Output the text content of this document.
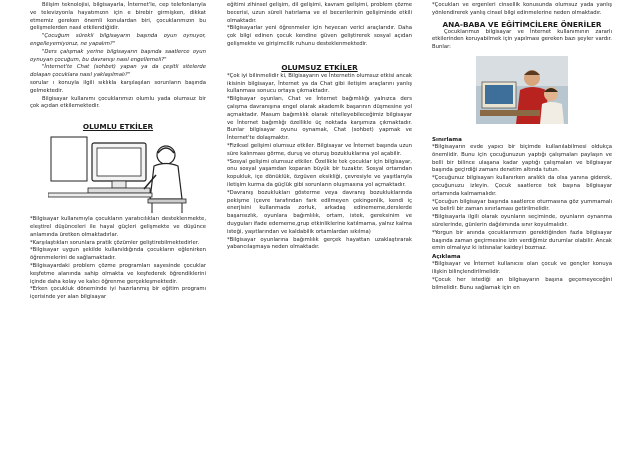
Bilişim teknolojisi, bilgisayarla, İnternet'le, cep telefonlarıyla ve televizyonla hayatımızın için e birebir girmişken, dikkat etmemiz gereken önemli konulardan biri, çocuklarımızın bu gelişmelerden nasıl etkilendiğidir.

"Çocuğum sürekli bilgisayarın başında oyun oynuyor, engelleyemiyoruz, ne yapalım?"

"Ders çalışmak yerine bilgisayarın başında saatlerce oyun oynuyan çocuğum, bu davranışı nasıl engellemeli?"

"İnternet'te Chat (sohbet) yapan ya da çeşitli sitelerde dolaşan çocuklara nasıl yaklaşılmalı?"

sorular ı konuyla ilgili sıklıkla karşılaşılan sorunların başında gelmektedir.

Bilgisayar kullanımı çocuklarımızı olumlu yada olumsuz bir çok açıdan etkilemektedir.

OLUMLU ETKİLER

*Bilgisayar kullanımıyla çocukların yaratıcılıkları desteklenmekte, eleştirel düşünceleri ile hayal güçleri gelişmekte ve düşünce anlamında üretken olmaktadırlar.

*Karşılaştıkları sorunlara pratik çözümler geliştirebilmektedirler.

*Bilgisayar uygun şekilde kullanıldığında çocukların eğlenirken öğrenmelerini de sağlamaktadır.

*Bilgisayardaki problem çözme programları sayesinde çocuklar keşfetme alanında sahip olmakta ve keşfederek öğrendiklerini içinde daha kolay ve kalıcı öğrenme gerçekleşmektedir.

*Erken çocukluk döneminde iyi hazırlanmış bir eğitim programı içerisinde yer alan bilgisayar

eğitimi zihinsel gelişim, dil gelişimi, kavram gelişimi, problem çözme becerisi, uzun süreli hatırlama ve el becerilerinin gelişiminde etkili olmaktadır.

*Bilgisayarlar yeni öğrenmeler için heyecan verici araçlarıdır. Daha çok bilgi edinen çocuk kendine güven geliştirerek sosyal açıdan gelişmekte ve girişimcilik ruhunu desteklenmektedir.

OLUMSUZ ETKİLER

*Çok iyi bilinmelidir ki, Bilgisayarın ve İnternetin olumsuz etkisi ancak ikisinin bilgisayar, İnternet ya da Chat gibi iletişim araçlarını yanlış kullanması sonucu ortaya çıkmaktadır.

*Bilgisayar oyunları, Chat ve İnternet bağımlılığı yalnızca ders çalışma davranışına engel olarak akademik başarının düşmesine yol açmaktadır. Masum bağımlılık olarak nitelleyebileceğimiz bilgisayar ve İnternet bağımlığı özellikle üç noktada karşımıza çıkmaktadır. Bunlar bilgisayar oyunu oynamak, Chat (sohbet) yapmak ve İnternet'te dolaşmaktır.

*Fiziksel gelişimi olumsuz etkiler. Bilgisayar ve İnternet başında uzun süre kalınması görme, duruş ve oturuş bozukluklarına yol açabilir.

*Sosyal gelişimi olumsuz etkiler. Özellikle tek çocuklar için bilgisayar, onu sosyal yaşamdan koparan büyük bir tuzaktır. Sosyal ortamdan kopukluk, içe dönüklük, özgüven eksikliği, çevresiyle ve yaşıtlarıyla iletişim kurma da güçlük gibi sorunların oluşmasına yol açmaktadır.

*Davranış bozuklukları gösterme veya davranış bozukluklarında pekişme (çevre tarafından fark edilmeyen çekingenlik, kendi iç enerjisini kullanmada zorluk, arkadaş edinememe,derslerde başarısızlık, oyunlara bağımlılık, ortam, istek, gereksinim ve duyguları ifade edememe,grup etkinliklerine katılmama, yalnız kalma isteği, yaşıtlarından ve kaldabilik ortamlardan sıkılma)

*Bilgisayar oyunlarına bağımlılık gerçek hayattan uzaklaştırarak yabancılaşmaya neden olmaktadır.

*Çocukları ve ergenleri cinsellik konusunda olumsuz yada yanlış yönlendirerek yanlış cinsel bilgi edinmelerine neden olmaktadır.

ANA-BABA VE EĞİTİMCİLERE ÖNERİLER

Çocuklarımızı bilgisayar ve İnternet kullanımının zararlı etkilerinden koruyabilmek için yapılması gereken bazı şeyler vardır. Bunlar:

Sınırlama

*Bilgisayarın evde yapıcı bir biçimde kullanılabilmesi oldukça önemlidir. Bunu için çocuğunuzun yaptığı çalışmaları paylaşın ve belli bir bilince ulaşana kadar yaptığı çalışmaları ve bilgisayar başında geçirdiği zamanı denetim altında tutun.

*Çocuğunuz bilgisayarı kullanırken aralıklı da olsa yanına giderek, çocuğunuzu izleyin. Çocuk saatlerce tek başına bilgisayar ortamında kalmamalıdır.

*Çocuğun bilgisayar başında saatlerce oturmasına göz yummamalı ve belirli bir zaman sınırlaması getirilmelidir.

*Bilgisayarla ilgili olarak oyunların seçiminde, oyunların oynanma sürelerinde, günlerin dağılımında sınır koyulmalıdır.

*Yorgun bir anında çocuklarımızın gerektiğinden fazla bilgisayar başında zaman geçirmesine izin verdiğimiz durumlar olabilir. Ancak emin olmalıyız ki istisnalar kaideyi bozmaz.

Açıklama

*Bilgisayar ve İnternet kullanıcısı olan çocuk ve gençler konuya ilişkin bilinçlendirilmelidir.

*Çocuk her istediği an bilgisayarın başına geçemeyeceğini bilmelidir. Bunu sağlamak için en
